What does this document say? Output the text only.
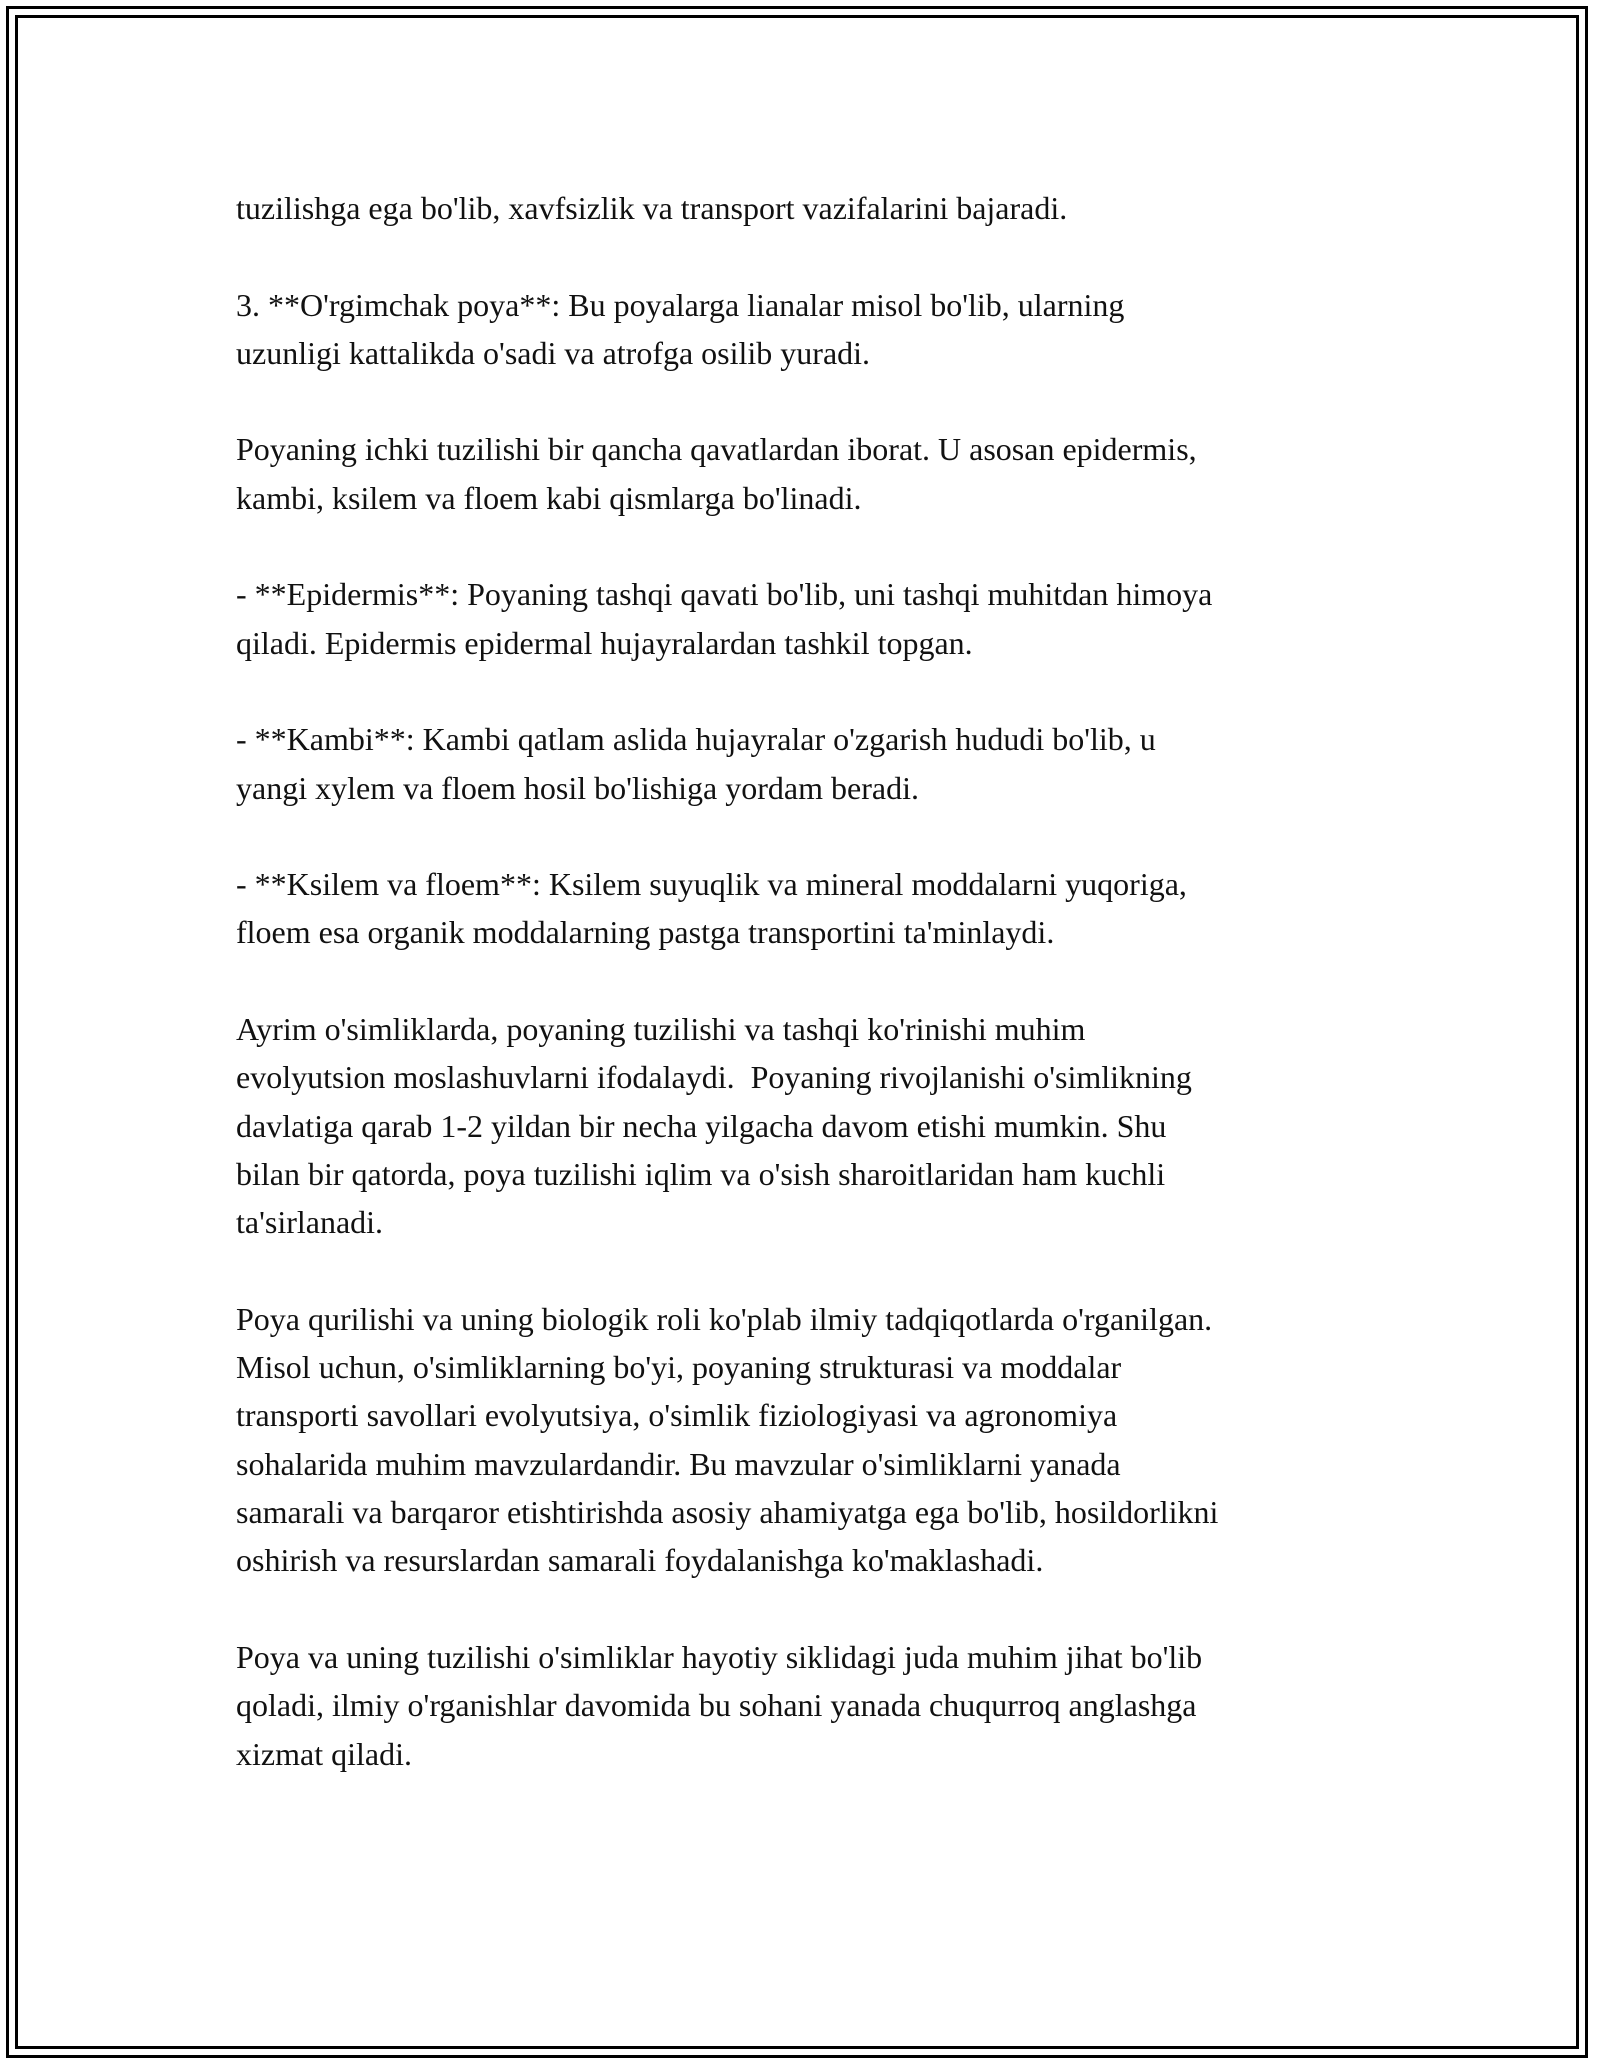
tuzilishga ega bo'lib, xavfsizlik va transport vazifalarini bajaradi.

3. **O'rgimchak poya**: Bu poyalarga lianalar misol bo'lib, ularning
uzunligi kattalikda o'sadi va atrofga osilib yuradi.

Poyaning ichki tuzilishi bir qancha qavatlardan iborat. U asosan epidermis,
kambi, ksilem va floem kabi qismlarga bo'linadi.

- **Epidermis**: Poyaning tashqi qavati bo'lib, uni tashqi muhitdan himoya
qiladi. Epidermis epidermal hujayralardan tashkil topgan.

- **Kambi**: Kambi qatlam aslida hujayralar o'zgarish hududi bo'lib, u
yangi xylem va floem hosil bo'lishiga yordam beradi.

- **Ksilem va floem**: Ksilem suyuqlik va mineral moddalarni yuqoriga,
floem esa organik moddalarning pastga transportini ta'minlaydi.

Ayrim o'simliklarda, poyaning tuzilishi va tashqi ko'rinishi muhim
evolyutsion moslashuvlarni ifodalaydi.  Poyaning rivojlanishi o'simlikning
davlatiga qarab 1-2 yildan bir necha yilgacha davom etishi mumkin. Shu
bilan bir qatorda, poya tuzilishi iqlim va o'sish sharoitlaridan ham kuchli
ta'sirlanadi.

Poya qurilishi va uning biologik roli ko'plab ilmiy tadqiqotlarda o'rganilgan.
Misol uchun, o'simliklarning bo'yi, poyaning strukturasi va moddalar
transporti savollari evolyutsiya, o'simlik fiziologiyasi va agronomiya
sohalarida muhim mavzulardandir. Bu mavzular o'simliklarni yanada
samarali va barqaror etishtirishda asosiy ahamiyatga ega bo'lib, hosildorlikni
oshirish va resurslardan samarali foydalanishga ko'maklashadi.

Poya va uning tuzilishi o'simliklar hayotiy siklidagi juda muhim jihat bo'lib
qoladi, ilmiy o'rganishlar davomida bu sohani yanada chuqurroq anglashga
xizmat qiladi.
